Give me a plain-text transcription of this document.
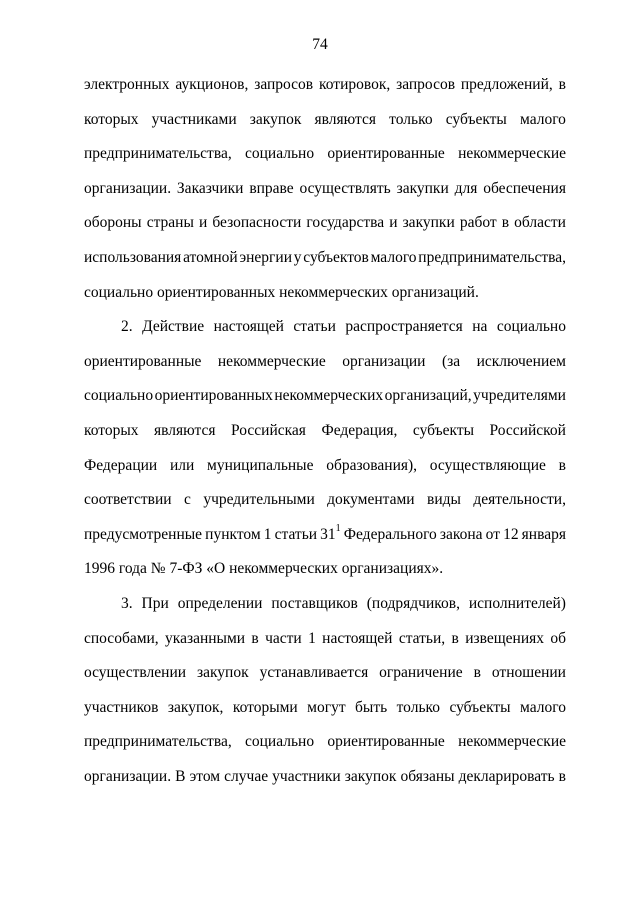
74
электронных аукционов, запросов котировок, запросов предложений, в
которых участниками закупок являются только субъекты малого
предпринимательства, социально ориентированные некоммерческие
организации. Заказчики вправе осуществлять закупки для обеспечения
обороны страны и безопасности государства и закупки работ в области
использования атомной энергии у субъектов малого предпринимательства,
социально ориентированных некоммерческих организаций.
2. Действие настоящей статьи распространяется на социально
ориентированные некоммерческие организации (за исключением
социально ориентированных некоммерческих организаций, учредителями
которых являются Российская Федерация, субъекты Российской
Федерации или муниципальные образования), осуществляющие в
соответствии с учредительными документами виды деятельности,
предусмотренные пунктом 1 статьи $31^1$ Федерального закона от 12 января
1996 года № 7-ФЗ «О некоммерческих организациях».
3. При определении поставщиков (подрядчиков, исполнителей)
способами, указанными в части 1 настоящей статьи, в извещениях об
осуществлении закупок устанавливается ограничение в отношении
участников закупок, которыми могут быть только субъекты малого
предпринимательства, социально ориентированные некоммерческие
организации. В этом случае участники закупок обязаны декларировать в
